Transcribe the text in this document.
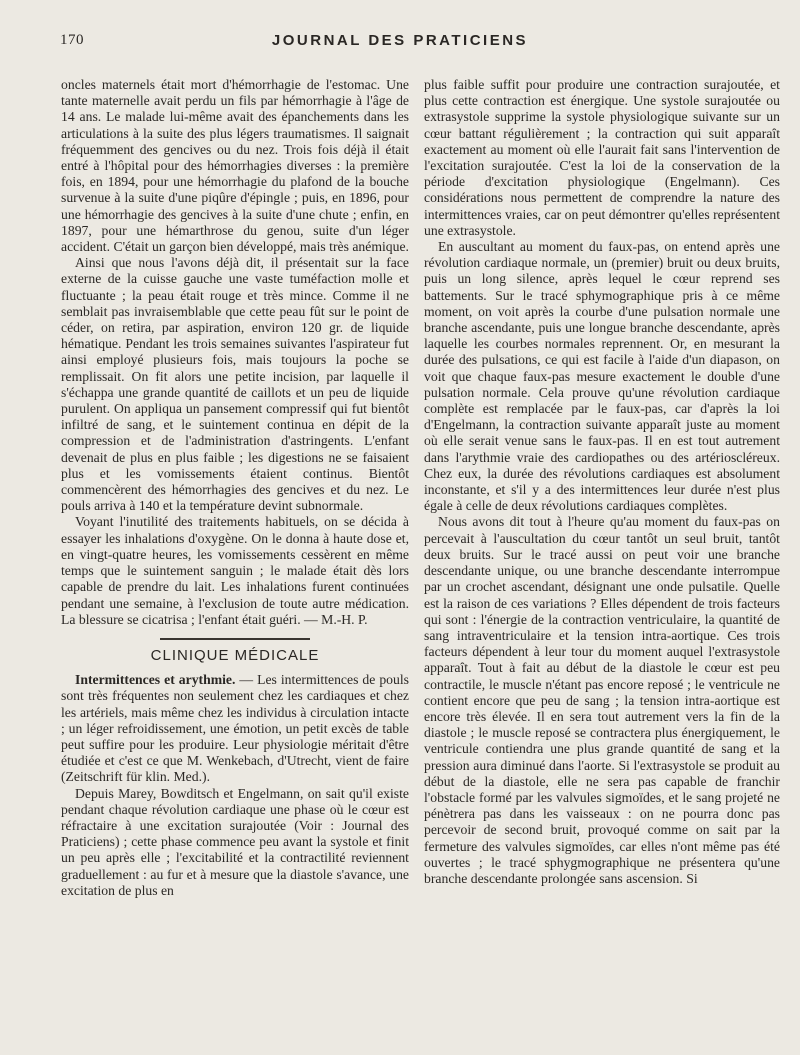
170	JOURNAL DES PRATICIENS

oncles maternels était mort d'hémorrhagie de l'estomac. Une tante maternelle avait perdu un fils par hémorrhagie à l'âge de 14 ans. Le malade lui-même avait des épanchements dans les articulations à la suite des plus légers traumatismes. Il saignait fréquemment des gencives ou du nez. Trois fois déjà il était entré à l'hôpital pour des hémorrhagies diverses : la première fois, en 1894, pour une hémorrhagie du plafond de la bouche survenue à la suite d'une piqûre d'épingle ; puis, en 1896, pour une hémorrhagie des gencives à la suite d'une chute ; enfin, en 1897, pour une hémarthrose du genou, suite d'un léger accident. C'était un garçon bien développé, mais très anémique.

Ainsi que nous l'avons déjà dit, il présentait sur la face externe de la cuisse gauche une vaste tuméfaction molle et fluctuante ; la peau était rouge et très mince. Comme il ne semblait pas invraisemblable que cette peau fût sur le point de céder, on retira, par aspiration, environ 120 gr. de liquide hématique. Pendant les trois semaines suivantes l'aspirateur fut ainsi employé plusieurs fois, mais toujours la poche se remplissait. On fit alors une petite incision, par laquelle il s'échappa une grande quantité de caillots et un peu de liquide purulent. On appliqua un pansement compressif qui fut bientôt infiltré de sang, et le suintement continua en dépit de la compression et de l'administration d'astringents. L'enfant devenait de plus en plus faible ; les digestions ne se faisaient plus et les vomissements étaient continus. Bientôt commencèrent des hémorrhagies des gencives et du nez. Le pouls arriva à 140 et la température devint subnormale.

Voyant l'inutilité des traitements habituels, on se décida à essayer les inhalations d'oxygène. On le donna à haute dose et, en vingt-quatre heures, les vomissements cessèrent en même temps que le suintement sanguin ; le malade était dès lors capable de prendre du lait. Les inhalations furent continuées pendant une semaine, à l'exclusion de toute autre médication. La blessure se cicatrisa ; l'enfant était guéri. — M.-H. P.

CLINIQUE MÉDICALE

Intermittences et arythmie. — Les intermittences de pouls sont très fréquentes non seulement chez les cardiaques et chez les artériels, mais même chez les individus à circulation intacte ; un léger refroidissement, une émotion, un petit excès de table peut suffire pour les produire. Leur physiologie méritait d'être étudiée et c'est ce que M. Wenkebach, d'Utrecht, vient de faire (Zeitschrift für klin. Med.).

Depuis Marey, Bowditsch et Engelmann, on sait qu'il existe pendant chaque révolution cardiaque une phase où le cœur est réfractaire à une excitation surajoutée (Voir : Journal des Praticiens) ; cette phase commence peu avant la systole et finit un peu après elle ; l'excitabilité et la contractilité reviennent graduellement : au fur et à mesure que la diastole s'avance, une excitation de plus en

plus faible suffit pour produire une contraction surajoutée, et plus cette contraction est énergique. Une systole surajoutée ou extrasystole supprime la systole physiologique suivante sur un cœur battant régulièrement ; la contraction qui suit apparaît exactement au moment où elle l'aurait fait sans l'intervention de l'excitation surajoutée. C'est la loi de la conservation de la période d'excitation physiologique (Engelmann). Ces considérations nous permettent de comprendre la nature des intermittences vraies, car on peut démontrer qu'elles représentent une extrasystole.

En auscultant au moment du faux-pas, on entend après une révolution cardiaque normale, un (premier) bruit ou deux bruits, puis un long silence, après lequel le cœur reprend ses battements. Sur le tracé sphymographique pris à ce même moment, on voit après la courbe d'une pulsation normale une branche ascendante, puis une longue branche descendante, après laquelle les courbes normales reprennent. Or, en mesurant la durée des pulsations, ce qui est facile à l'aide d'un diapason, on voit que chaque faux-pas mesure exactement le double d'une pulsation normale. Cela prouve qu'une révolution cardiaque complète est remplacée par le faux-pas, car d'après la loi d'Engelmann, la contraction suivante apparaît juste au moment où elle serait venue sans le faux-pas. Il en est tout autrement dans l'arythmie vraie des cardiopathes ou des artérioscléreux. Chez eux, la durée des révolutions cardiaques est absolument inconstante, et s'il y a des intermittences leur durée n'est plus égale à celle de deux révolutions cardiaques complètes.

Nous avons dit tout à l'heure qu'au moment du faux-pas on percevait à l'auscultation du cœur tantôt un seul bruit, tantôt deux bruits. Sur le tracé aussi on peut voir une branche descendante unique, ou une branche descendante interrompue par un crochet ascendant, désignant une onde pulsatile. Quelle est la raison de ces variations ? Elles dépendent de trois facteurs qui sont : l'énergie de la contraction ventriculaire, la quantité de sang intraventriculaire et la tension intra-aortique. Ces trois facteurs dépendent à leur tour du moment auquel l'extrasystole apparaît. Tout à fait au début de la diastole le cœur est peu contractile, le muscle n'étant pas encore reposé ; le ventricule ne contient encore que peu de sang ; la tension intra-aortique est encore très élevée. Il en sera tout autrement vers la fin de la diastole ; le muscle reposé se contractera plus énergiquement, le ventricule contiendra une plus grande quantité de sang et la pression aura diminué dans l'aorte. Si l'extrasystole se produit au début de la diastole, elle ne sera pas capable de franchir l'obstacle formé par les valvules sigmoïdes, et le sang projeté ne pénètrera pas dans les vaisseaux : on ne pourra donc pas percevoir de second bruit, provoqué comme on sait par la fermeture des valvules sigmoïdes, car elles n'ont même pas été ouvertes ; le tracé sphygmographique ne présentera qu'une branche descendante prolongée sans ascension. Si
